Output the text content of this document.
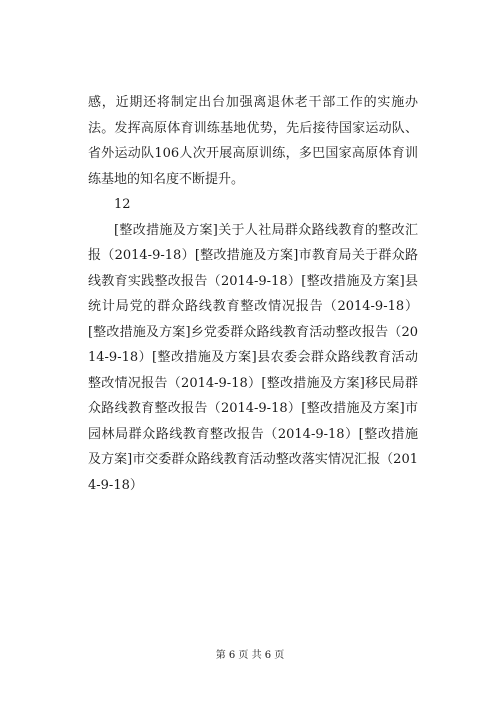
感，近期还将制定出台加强离退休老干部工作的实施办法。发挥高原体育训练基地优势，先后接待国家运动队、省外运动队106人次开展高原训练，多巴国家高原体育训练基地的知名度不断提升。

12

[整改措施及方案]关于人社局群众路线教育的整改汇报（2014-9-18）[整改措施及方案]市教育局关于群众路线教育实践整改报告（2014-9-18）[整改措施及方案]县统计局党的群众路线教育整改情况报告（2014-9-18）[整改措施及方案]乡党委群众路线教育活动整改报告（2014-9-18）[整改措施及方案]县农委会群众路线教育活动整改情况报告（2014-9-18）[整改措施及方案]移民局群众路线教育整改报告（2014-9-18）[整改措施及方案]市园林局群众路线教育整改报告（2014-9-18）[整改措施及方案]市交委群众路线教育活动整改落实情况汇报（2014-9-18）

第 6 页 共 6 页
